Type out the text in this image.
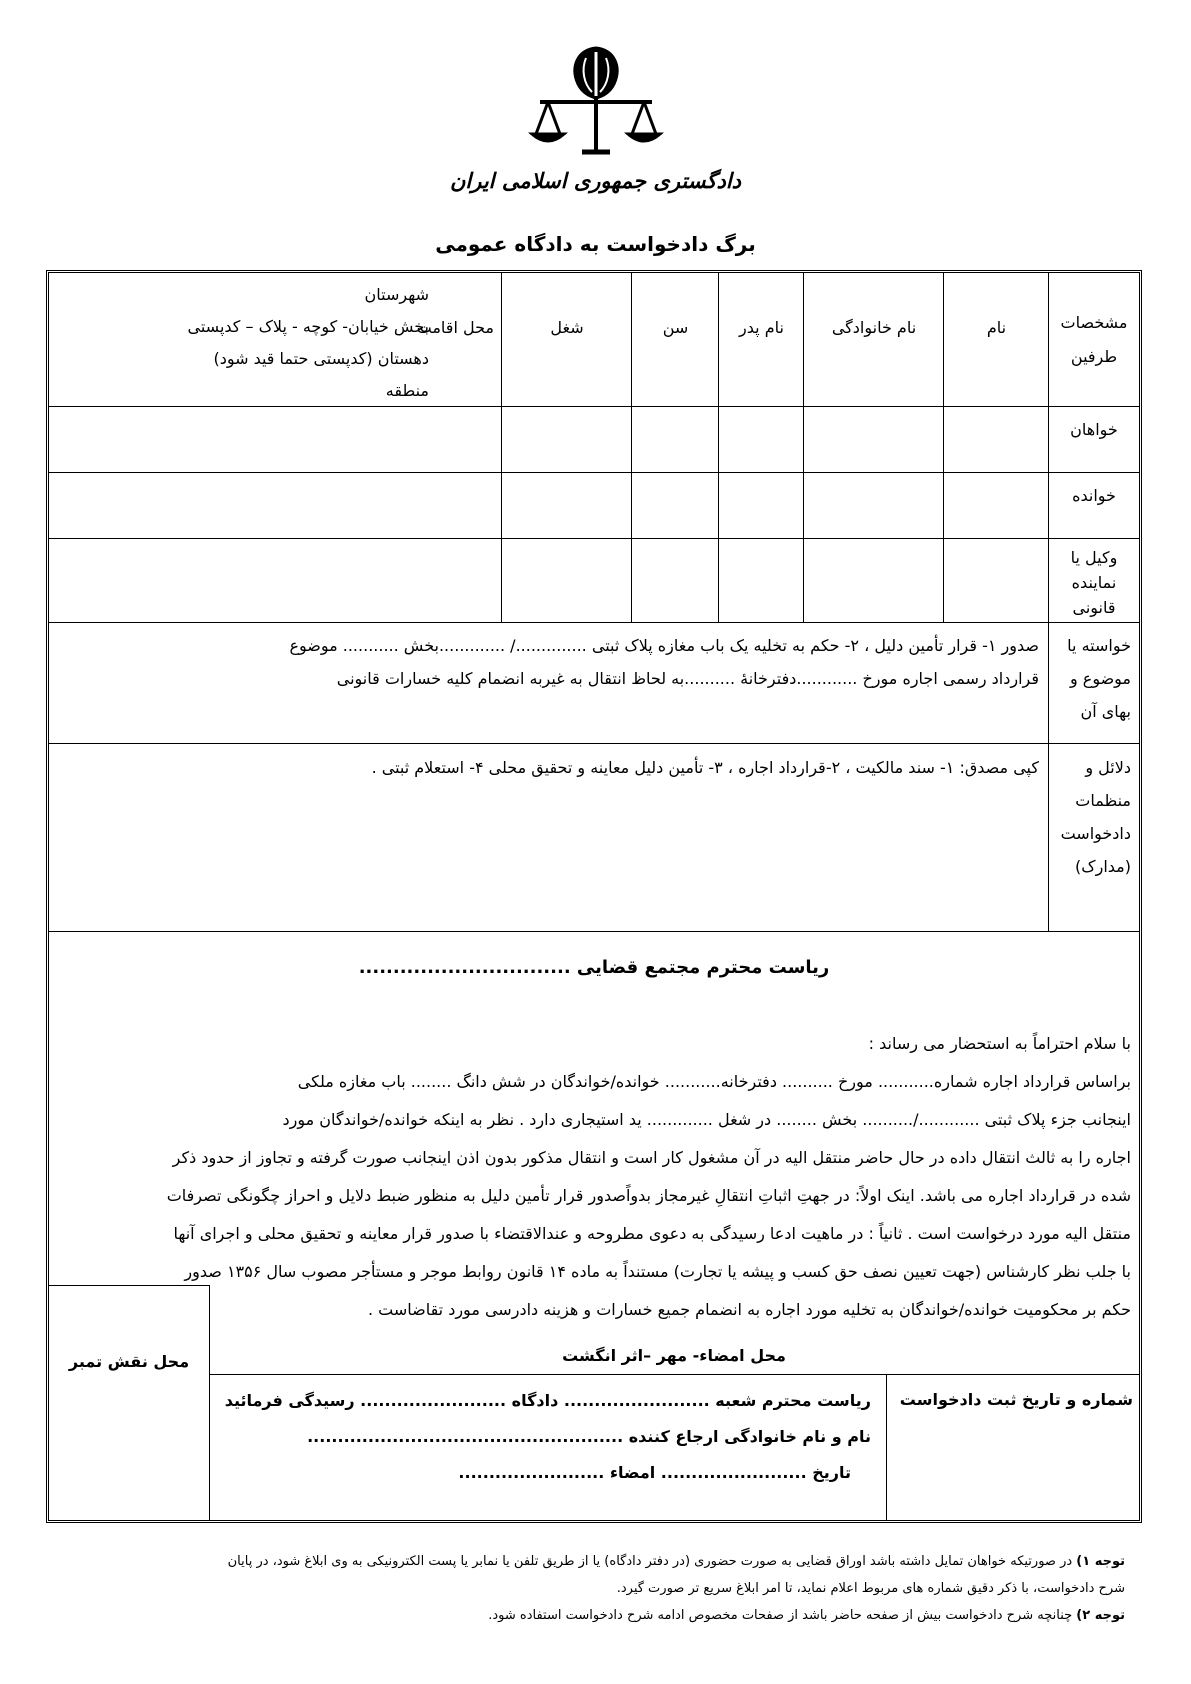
دادگستری جمهوری اسلامی ایران
برگ دادخواست به دادگاه عمومی
مشخصات
طرفین
نام
نام خانوادگی
نام پدر
سن
شغل
محل اقامت
شهرستان
بخش خیابان- کوچه - پلاک – کدپستی
دهستان (کدپستی حتما قید شود)
منطقه
خواهان
خوانده
وکیل یا
نماینده
قانونی
خواسته یا
موضوع و
بهای آن
صدور ۱- قرار تأمین دلیل ، ۲- حکم به تخلیه یک باب مغازه پلاک ثبتی ............../ .............بخش ........... موضوع
قرارداد رسمی اجاره مورخ ............دفترخانهٔ ..........به لحاظ انتقال به غیربه انضمام کلیه خسارات قانونی
دلائل و
منظمات
دادخواست
(مدارک)
کپی مصدق: ۱- سند مالکیت ، ۲-قرارداد اجاره ، ۳- تأمین دلیل معاینه و تحقیق محلی ۴- استعلام ثبتی .
ریاست محترم مجتمع قضایی ...............................
با سلام احتراماً به استحضار می رساند :
براساس قرارداد اجاره شماره........... مورخ .......... دفترخانه........... خوانده/خواندگان در شش دانگ ........ باب مغازه ملکی
اینجانب جزء پلاک ثبتی ............/.......... بخش ........ در شغل ............. ید استیجاری دارد . نظر به اینکه خوانده/خواندگان مورد
اجاره را به ثالث انتقال داده در حال حاضر منتقل الیه در آن مشغول کار است و انتقال مذکور بدون اذن اینجانب صورت گرفته و تجاوز از حدود ذکر
شده در قرارداد اجاره می باشد. اینک اولاً: در جهتِ اثباتِ انتقالِ غیرمجاز بدواًصدور قرار تأمین دلیل به منظور ضبط دلایل و احراز چگونگی تصرفات
منتقل الیه مورد درخواست است . ثانیاً : در ماهیت ادعا رسیدگی به دعوی مطروحه و عندالاقتضاء با صدور قرار معاینه و تحقیق محلی و اجرای آنها
با جلب نظر کارشناس (جهت تعیین نصف حق کسب و پیشه یا تجارت) مستنداً به ماده ۱۴ قانون روابط موجر و مستأجر مصوب سال ۱۳۵۶ صدور
حکم بر محکومیت خوانده/خواندگان به تخلیه مورد اجاره به انضمام جمیع خسارات و هزینه دادرسی مورد تقاضاست .
محل نقش تمبر	محل امضاء- مهر –اثر انگشت
شماره و تاریخ ثبت دادخواست
ریاست محترم شعبه ........................ دادگاه ........................ رسیدگی فرمائید
نام و نام خانوادگی ارجاع کننده ....................................................
تاریخ ........................ امضاء ........................
توجه ۱) در صورتیکه خواهان تمایل داشته باشد اوراق قضایی به صورت حضوری (در دفتر دادگاه) یا از طریق تلفن یا نمابر یا پست الکترونیکی به وی ابلاغ شود، در پایان
شرح دادخواست، با ذکر دقیق شماره های مربوط اعلام نماید، تا امر ابلاغ سریع تر صورت گیرد.
توجه ۲) چنانچه شرح دادخواست بیش از صفحه حاضر باشد از صفحات مخصوص ادامه شرح دادخواست استفاده شود.
